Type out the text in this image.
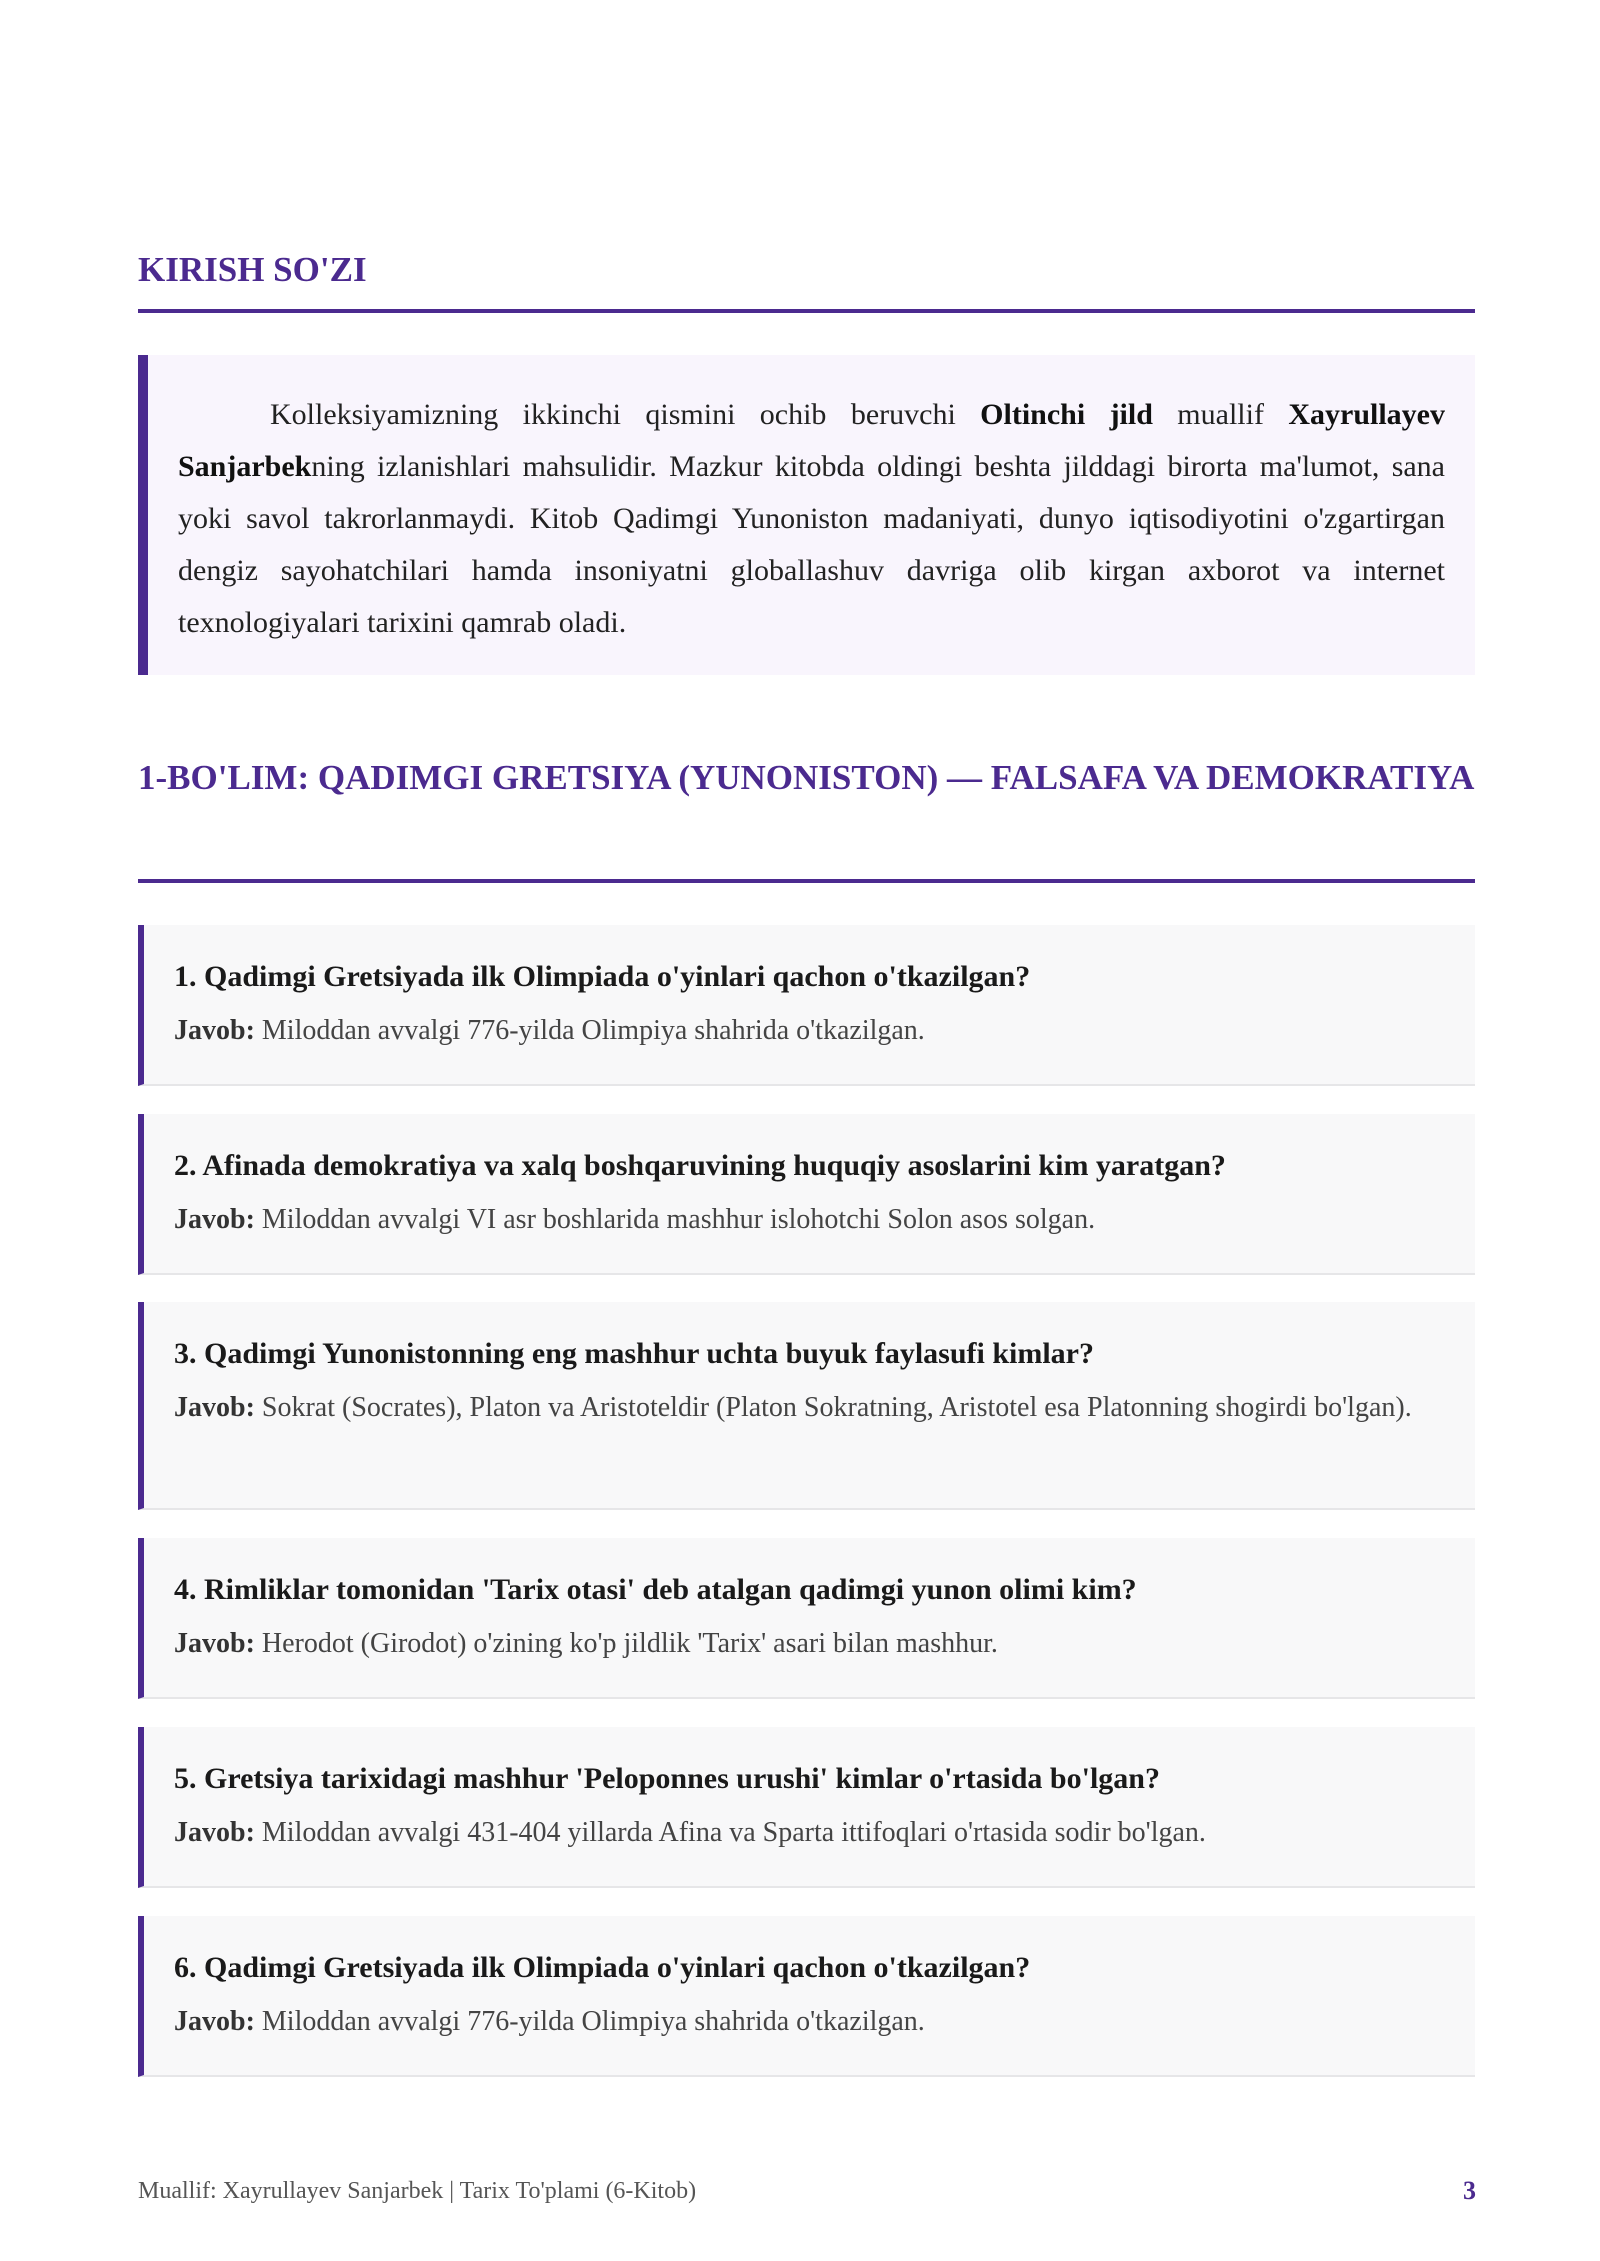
KIRISH SO'ZI

Kolleksiyamizning ikkinchi qismini ochib beruvchi Oltinchi jild muallif Xayrullayev Sanjarbekning izlanishlari mahsulidir. Mazkur kitobda oldingi beshta jilddagi birorta ma'lumot, sana yoki savol takrorlanmaydi. Kitob Qadimgi Yunoniston madaniyati, dunyo iqtisodiyotini o'zgartirgan dengiz sayohatchilari hamda insoniyatni globallashuv davriga olib kirgan axborot va internet texnologiyalari tarixini qamrab oladi.

1-BO'LIM: QADIMGI GRETSIYA (YUNONISTON) — FALSAFA VA DEMOKRATIYA

1. Qadimgi Gretsiyada ilk Olimpiada o'yinlari qachon o'tkazilgan?

Javob: Miloddan avvalgi 776-yilda Olimpiya shahrida o'tkazilgan.

2. Afinada demokratiya va xalq boshqaruvining huquqiy asoslarini kim yaratgan?

Javob: Miloddan avvalgi VI asr boshlarida mashhur islohotchi Solon asos solgan.

3. Qadimgi Yunonistonning eng mashhur uchta buyuk faylasufi kimlar?

Javob: Sokrat (Socrates), Platon va Aristoteldir (Platon Sokratning, Aristotel esa Platonning shogirdi bo'lgan).

4. Rimliklar tomonidan 'Tarix otasi' deb atalgan qadimgi yunon olimi kim?

Javob: Herodot (Girodot) o'zining ko'p jildlik 'Tarix' asari bilan mashhur.

5. Gretsiya tarixidagi mashhur 'Peloponnes urushi' kimlar o'rtasida bo'lgan?

Javob: Miloddan avvalgi 431-404 yillarda Afina va Sparta ittifoqlari o'rtasida sodir bo'lgan.

6. Qadimgi Gretsiyada ilk Olimpiada o'yinlari qachon o'tkazilgan?

Javob: Miloddan avvalgi 776-yilda Olimpiya shahrida o'tkazilgan.

Muallif: Xayrullayev Sanjarbek | Tarix To'plami (6-Kitob)	3
